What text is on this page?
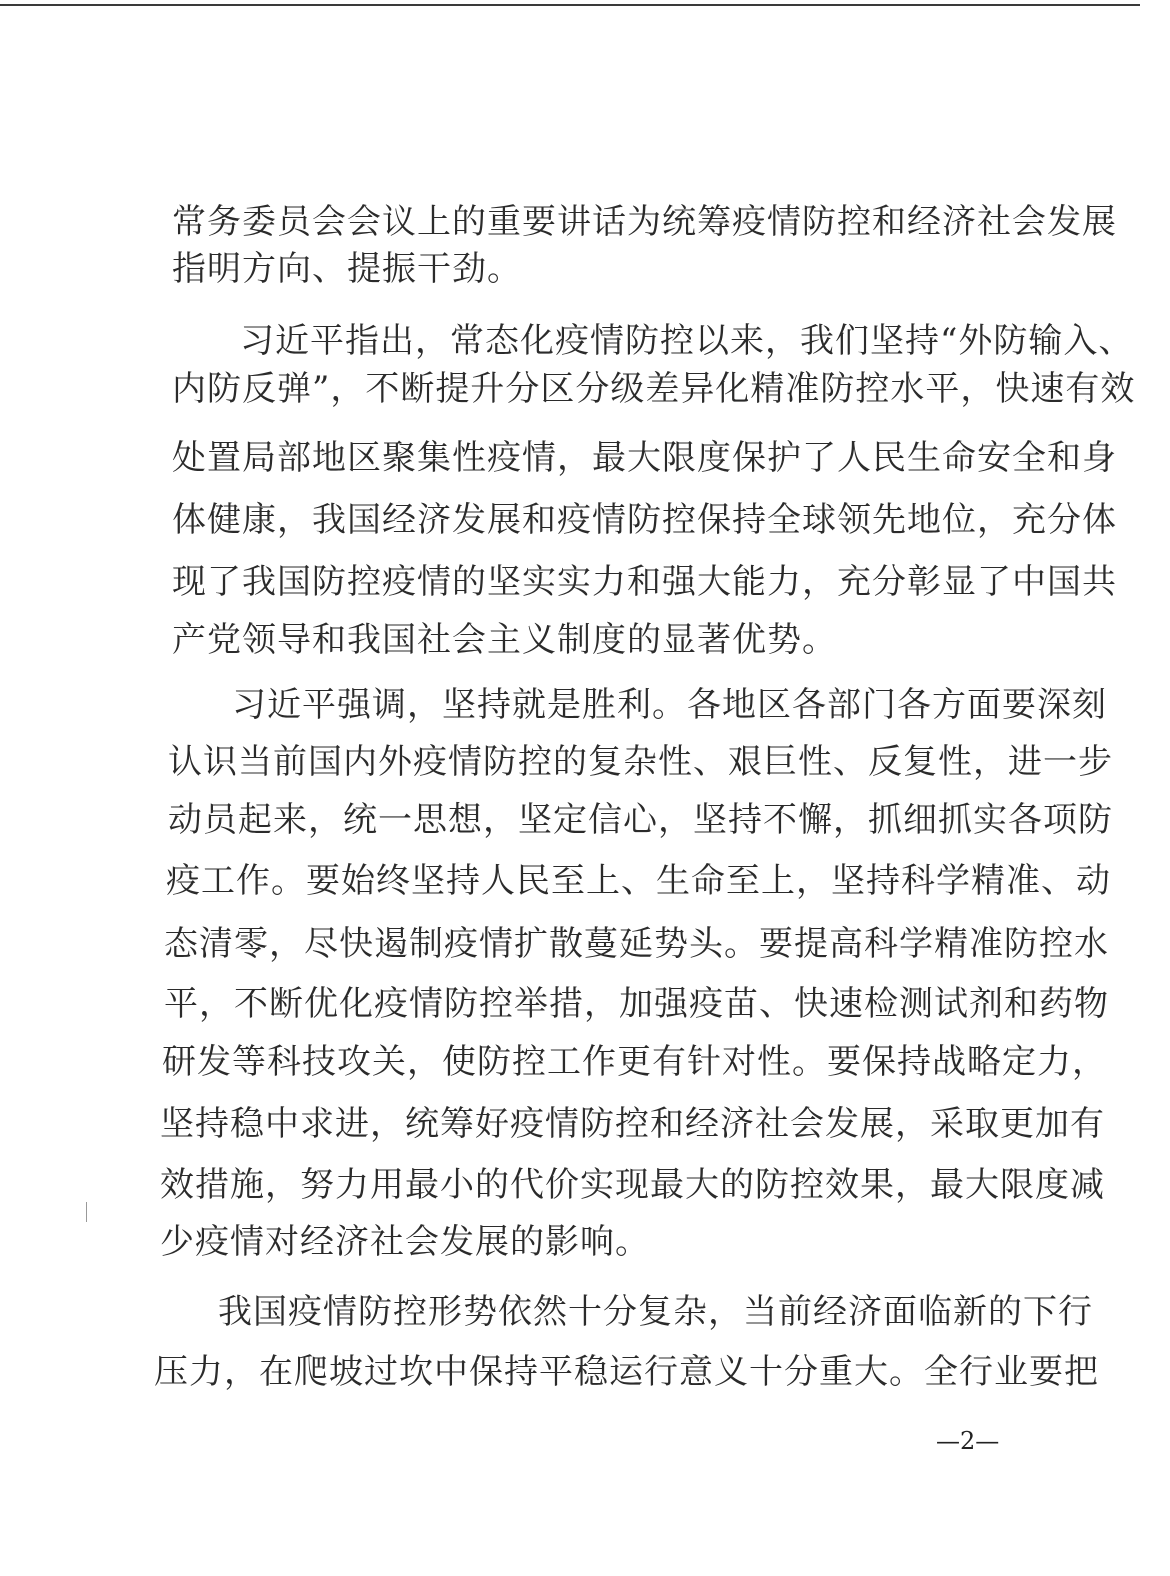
常务委员会会议上的重要讲话为统筹疫情防控和经济社会发展
指明方向、提振干劲。
习近平指出，常态化疫情防控以来，我们坚持“外防输入、
内防反弹”，不断提升分区分级差异化精准防控水平，快速有效
处置局部地区聚集性疫情，最大限度保护了人民生命安全和身
体健康，我国经济发展和疫情防控保持全球领先地位，充分体
现了我国防控疫情的坚实实力和强大能力，充分彰显了中国共
产党领导和我国社会主义制度的显著优势。
习近平强调，坚持就是胜利。各地区各部门各方面要深刻
认识当前国内外疫情防控的复杂性、艰巨性、反复性，进一步
动员起来，统一思想，坚定信心，坚持不懈，抓细抓实各项防
疫工作。要始终坚持人民至上、生命至上，坚持科学精准、动
态清零，尽快遏制疫情扩散蔓延势头。要提高科学精准防控水
平，不断优化疫情防控举措，加强疫苗、快速检测试剂和药物
研发等科技攻关，使防控工作更有针对性。要保持战略定力，
坚持稳中求进，统筹好疫情防控和经济社会发展，采取更加有
效措施，努力用最小的代价实现最大的防控效果，最大限度减
少疫情对经济社会发展的影响。
我国疫情防控形势依然十分复杂，当前经济面临新的下行
压力，在爬坡过坎中保持平稳运行意义十分重大。全行业要把
—2—
